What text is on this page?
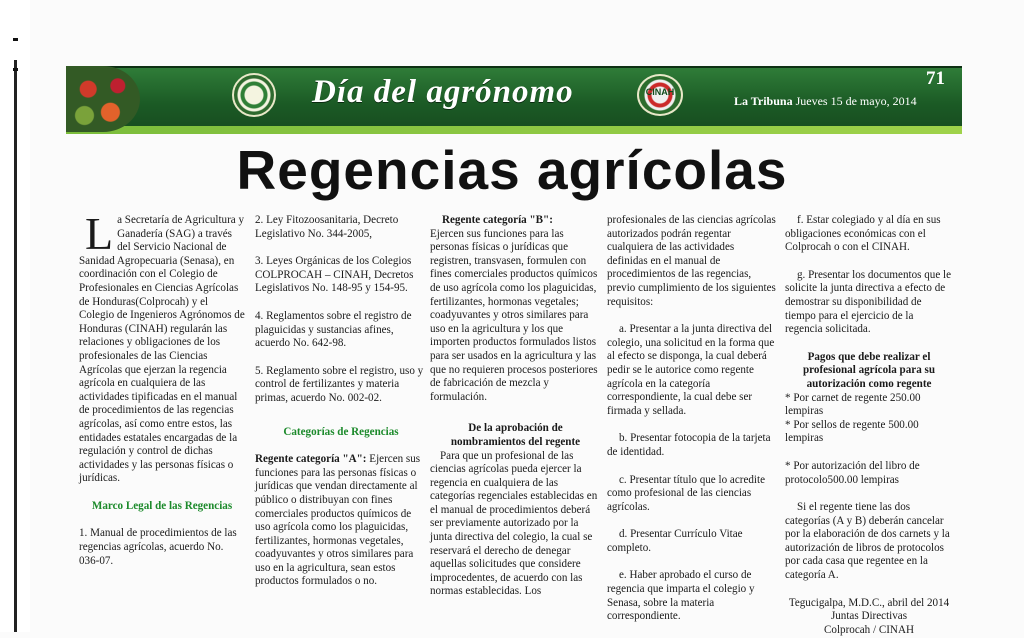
Día del agrónomo	CINAH
71
La Tribuna Jueves 15 de mayo, 2014
Regencias agrícolas

La Secretaría de Agricultura y Ganadería (SAG) a través del Servicio Nacional de Sanidad Agropecuaria (Senasa), en coordinación con el Colegio de Profesionales en Ciencias Agrícolas de Honduras(Colprocah) y el Colegio de Ingenieros Agrónomos de Honduras (CINAH) regularán las relaciones y obligaciones de los profesionales de las Ciencias Agrícolas que ejerzan la regencia agrícola en cualquiera de las actividades tipificadas en el manual de procedimientos de las regencias agrícolas, así como entre estos, las entidades estatales encargadas de la regulación y control de dichas actividades y las personas físicas o jurídicas.

Marco Legal de las Regencias

1. Manual de procedimientos de las regencias agrícolas, acuerdo No. 036-07.

2. Ley Fitozoosanitaria, Decreto Legislativo No. 344-2005,

3. Leyes Orgánicas de los Colegios COLPROCAH – CINAH, Decretos Legislativos No. 148-95 y 154-95.

4. Reglamentos sobre el registro de plaguicidas y sustancias afines, acuerdo No. 642-98.

5. Reglamento sobre el registro, uso y control de fertilizantes y materia primas, acuerdo No. 002-02.

Categorías de Regencias

Regente categoría "A": Ejercen sus funciones para las personas físicas o jurídicas que vendan directamente al público o distribuyan con fines comerciales productos químicos de uso agrícola como los plaguicidas, fertilizantes, hormonas vegetales, coadyuvantes y otros similares para uso en la agricultura, sean estos productos formulados o no.

Regente categoría "B":
Ejercen sus funciones para las personas físicas o jurídicas que registren, transvasen, formulen con fines comerciales productos químicos de uso agrícola como los plaguicidas, fertilizantes, hormonas vegetales; coadyuvantes y otros similares para uso en la agricultura y los que importen productos formulados listos para ser usados en la agricultura y las que no requieren procesos posteriores de fabricación de mezcla y formulación.

De la aprobación de nombramientos del regente

Para que un profesional de las ciencias agrícolas pueda ejercer la regencia en cualquiera de las categorías regenciales establecidas en el manual de procedimientos deberá ser previamente autorizado por la junta directiva del colegio, la cual se reservará el derecho de denegar aquellas solicitudes que considere improcedentes, de acuerdo con las normas establecidas. Los

profesionales de las ciencias agrícolas autorizados podrán regentar cualquiera de las actividades definidas en el manual de procedimientos de las regencias, previo cumplimiento de los siguientes requisitos:

a. Presentar a la junta directiva del colegio, una solicitud en la forma que al efecto se disponga, la cual deberá pedir se le autorice como regente agrícola en la categoría correspondiente, la cual debe ser firmada y sellada.

b. Presentar fotocopia de la tarjeta de identidad.

c. Presentar título que lo acredite como profesional de las ciencias agrícolas.

d. Presentar Currículo Vitae completo.

e. Haber aprobado el curso de regencia que imparta el colegio y Senasa, sobre la materia correspondiente.

f. Estar colegiado y al día en sus obligaciones económicas con el Colprocah o con el CINAH.

g. Presentar los documentos que le solicite la junta directiva a efecto de demostrar su disponibilidad de tiempo para el ejercicio de la regencia solicitada.

Pagos que debe realizar el profesional agrícola para su autorización como regente

* Por carnet de regente 250.00 lempiras

* Por sellos de regente 500.00 lempiras

* Por autorización del libro de protocolo500.00 lempiras

Si el regente tiene las dos categorías (A y B) deberán cancelar por la elaboración de dos carnets y la autorización de libros de protocolos por cada casa que regentee en la categoría A.

Tegucigalpa, M.D.C., abril del 2014
Juntas Directivas
Colprocah / CINAH
